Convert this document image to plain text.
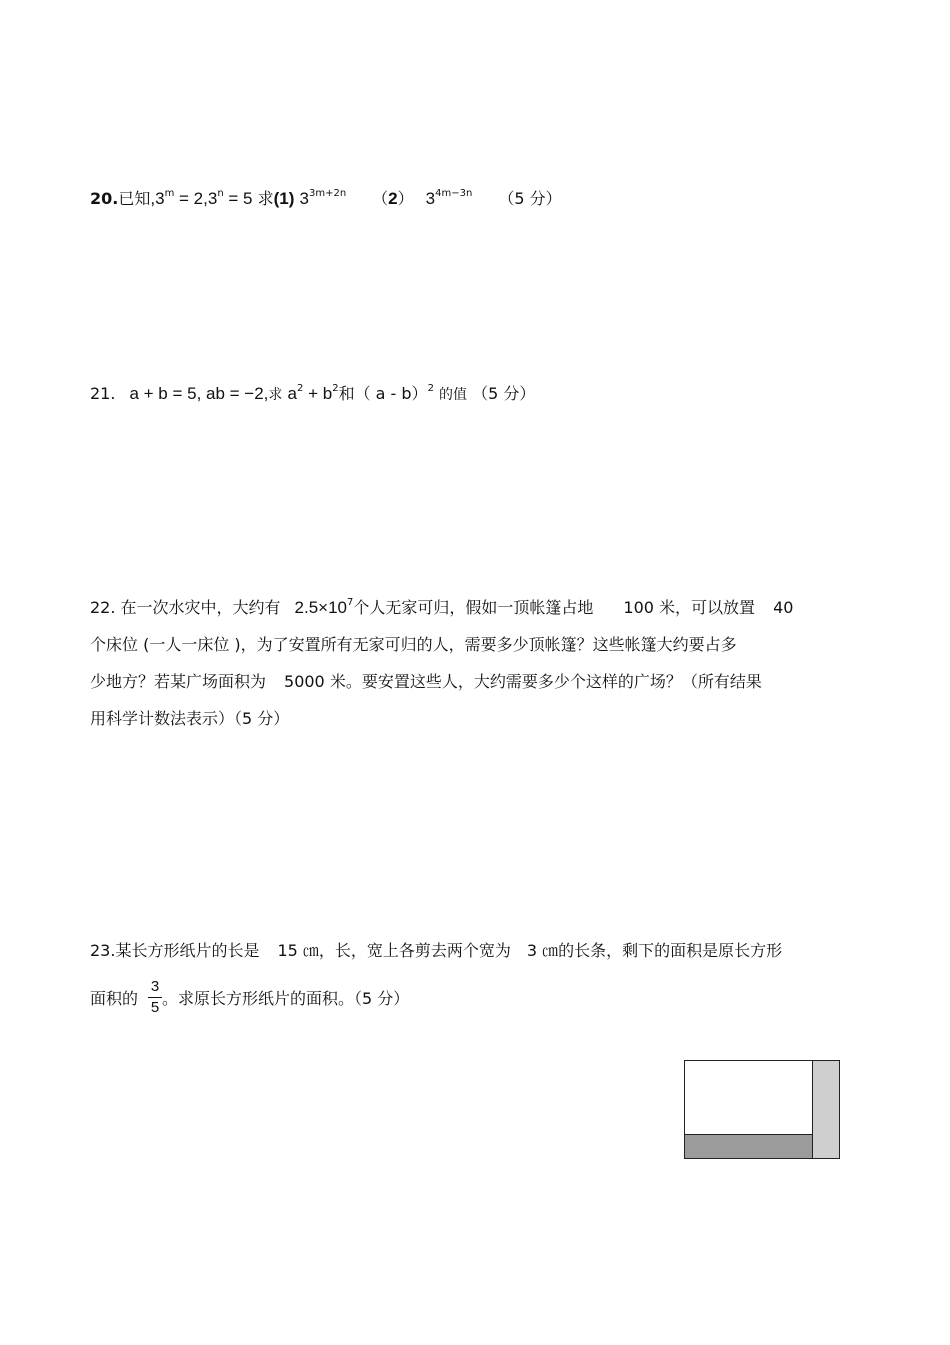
20.已知$,3^m = 2,3^n = 5$ 求(1) $3^{3m+2n}$ （2） $3^{4m-3n}$ （5 分）
21. a + b = 5, ab = −2,求 $a^2 + b^2$和（ a - b）$^2$ 的值 （5 分）
22. 在一次水灾中，大约有 $2.5\times 10^7$个人无家可归，假如一顶帐篷占地 100 米，可以放置 40
个床位 (一人一床位 )，为了安置所有无家可归的人，需要多少顶帐篷？这些帐篷大约要占多
少地方？若某广场面积为 5000 米。要安置这些人，大约需要多少个这样的广场？（所有结果
用科学计数法表示）（5 分）
23.某长方形纸片的长是 15 ㎝，长，宽上各剪去两个宽为 3 ㎝的长条，剩下的面积是原长方形
面积的 。求原长方形纸片的面积。（5 分）
3
5
